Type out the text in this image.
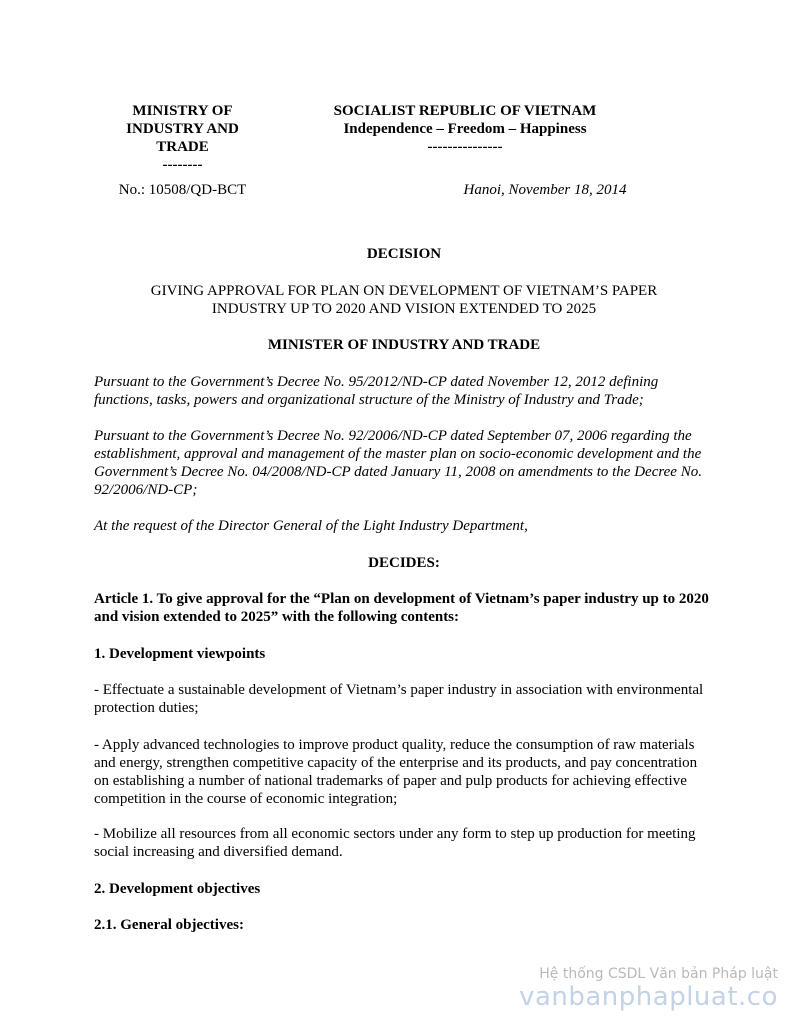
MINISTRY OF
INDUSTRY AND
TRADE
--------
SOCIALIST REPUBLIC OF VIETNAM
Independence – Freedom – Happiness
---------------
No.: 10508/QD-BCT	Hanoi, November 18, 2014
DECISION
GIVING APPROVAL FOR PLAN ON DEVELOPMENT OF VIETNAM’S PAPER
INDUSTRY UP TO 2020 AND VISION EXTENDED TO 2025
MINISTER OF INDUSTRY AND TRADE
Pursuant to the Government’s Decree No. 95/2012/ND-CP dated November 12, 2012 defining functions, tasks, powers and organizational structure of the Ministry of Industry and Trade;
Pursuant to the Government’s Decree No. 92/2006/ND-CP dated September 07, 2006 regarding the establishment, approval and management of the master plan on socio-economic development and the Government’s Decree No. 04/2008/ND-CP dated January 11, 2008 on amendments to the Decree No. 92/2006/ND-CP;
At the request of the Director General of the Light Industry Department,
DECIDES:
Article 1. To give approval for the “Plan on development of Vietnam’s paper industry up to 2020 and vision extended to 2025” with the following contents:
1. Development viewpoints
- Effectuate a sustainable development of Vietnam’s paper industry in association with environmental protection duties;
- Apply advanced technologies to improve product quality, reduce the consumption of raw materials and energy, strengthen competitive capacity of the enterprise and its products, and pay concentration on establishing a number of national trademarks of paper and pulp products for achieving effective competition in the course of economic integration;
- Mobilize all resources from all economic sectors under any form to step up production for meeting social increasing and diversified demand.
2. Development objectives
2.1. General objectives:
Hệ thống CSDL Văn bản Pháp luật
vanbanphapluat.co
